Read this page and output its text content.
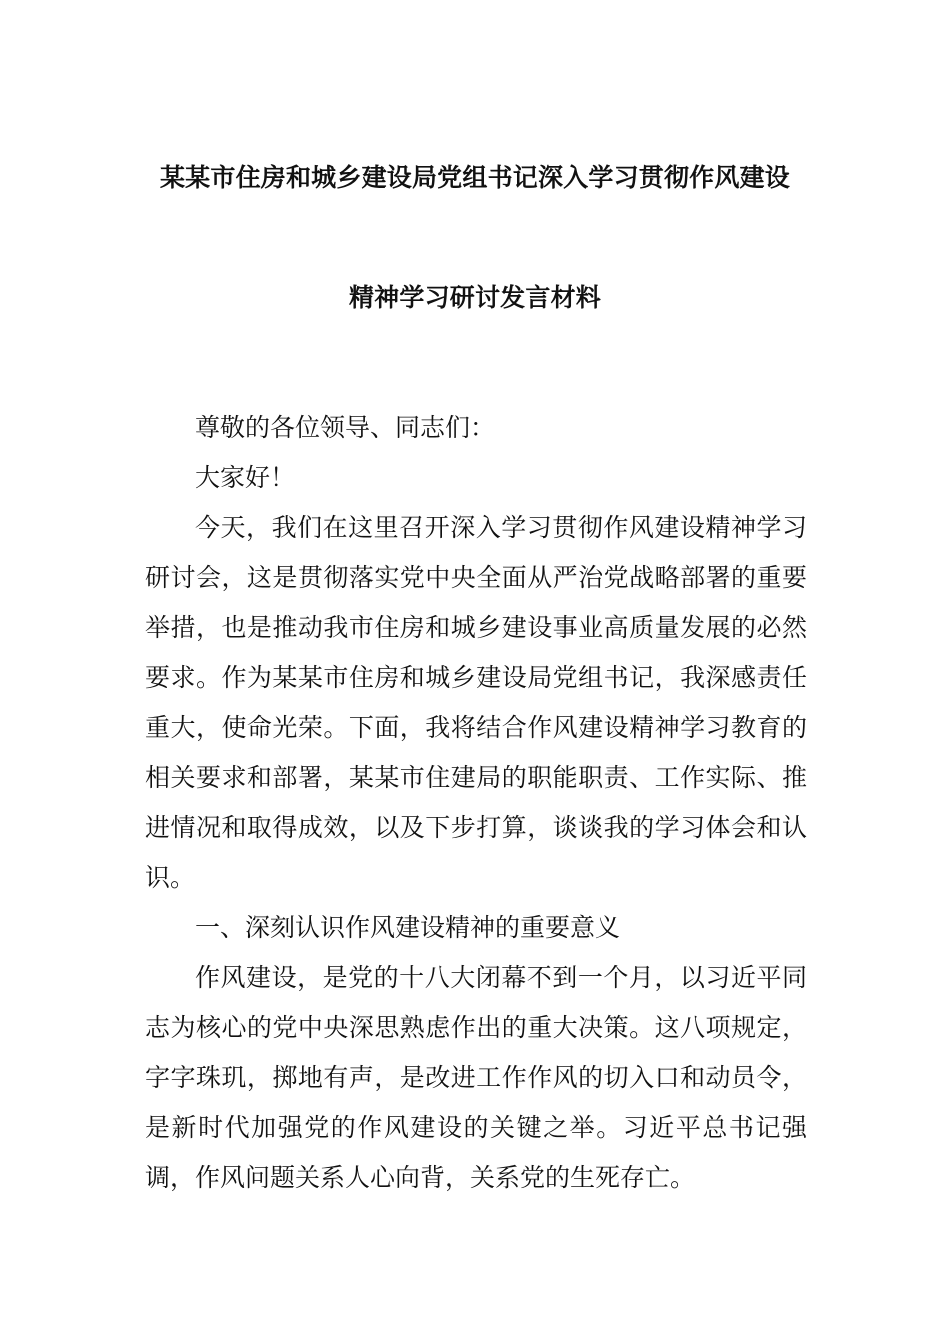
某某市住房和城乡建设局党组书记深入学习贯彻作风建设
精神学习研讨发言材料

尊敬的各位领导、同志们：

大家好！

今天，我们在这里召开深入学习贯彻作风建设精神学习研讨会，这是贯彻落实党中央全面从严治党战略部署的重要举措，也是推动我市住房和城乡建设事业高质量发展的必然要求。作为某某市住房和城乡建设局党组书记，我深感责任重大，使命光荣。下面，我将结合作风建设精神学习教育的相关要求和部署，某某市住建局的职能职责、工作实际、推进情况和取得成效，以及下步打算，谈谈我的学习体会和认识。

一、深刻认识作风建设精神的重要意义

作风建设，是党的十八大闭幕不到一个月，以习近平同志为核心的党中央深思熟虑作出的重大决策。这八项规定，字字珠玑，掷地有声，是改进工作作风的切入口和动员令，是新时代加强党的作风建设的关键之举。习近平总书记强调，作风问题关系人心向背，关系党的生死存亡。
